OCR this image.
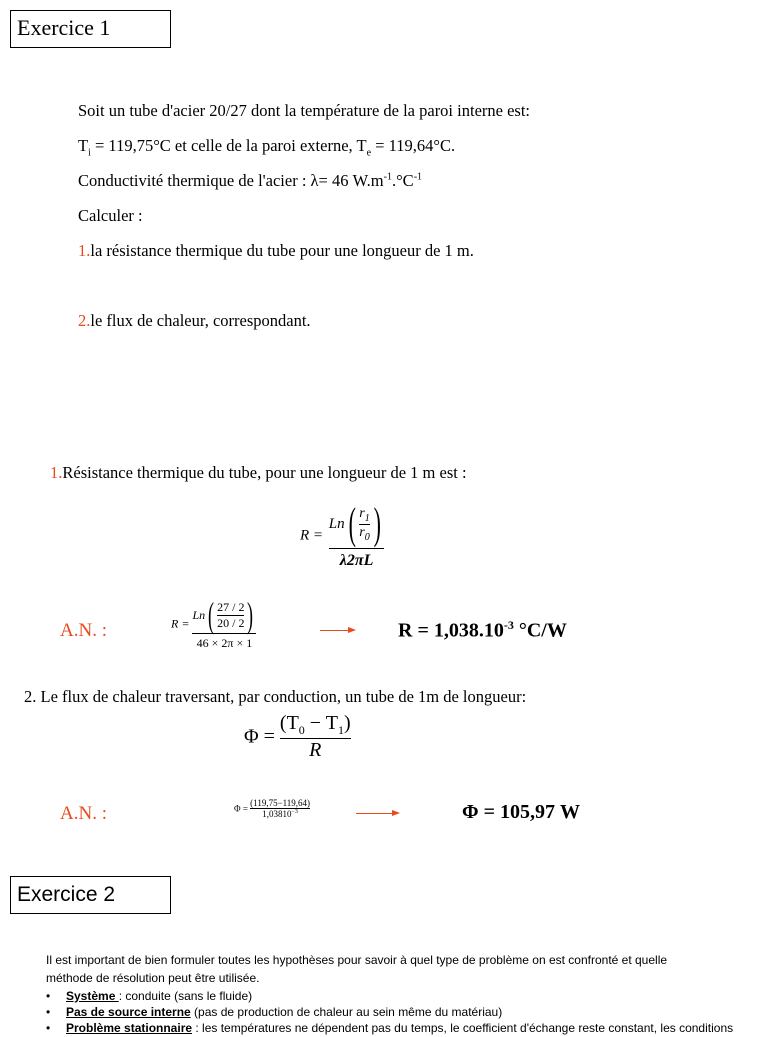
Exercice 1
Soit un tube d'acier 20/27 dont la température de la paroi interne est:
$T_i = 119,75^\circ C$ et celle de la paroi externe, $T_e = 119,64^\circ C$.
Conductivité thermique de l'acier : λ= 46 $W.m^{-1}.^\circ C^{-1}$
Calculer :
1.la résistance thermique du tube pour une longueur de 1 m.
2.le flux de chaleur, correspondant.
1.Résistance thermique du tube, pour une longueur de 1 m est :
R =
Ln ( $\frac{r_1}{r_0}$ )
λ2πL
A.N. :	R =
Ln ( $\frac{27 / 2}{20 / 2}$ )
46 × 2π × 1
$R = 1,038.10^{-3}$ °C/W
2. Le flux de chaleur traversant, par conduction, un tube de 1m de longueur:
$\Phi = \frac{(T_0 - T_1)}{R}$
A.N. :	$\Phi = \frac{(119,75-119,64)}{1,03810^{-3}}$	Φ = 105,97 W
Exercice 2
Il est important de bien formuler toutes les hypothèses pour savoir à quel type de problème on est confronté et quelle
méthode de résolution peut être utilisée.
• Système : conduite (sans le fluide)
• Pas de source interne (pas de production de chaleur au sein même du matériau)
• Problème stationnaire : les températures ne dépendent pas du temps, le coefficient d'échange reste constant, les conditions
